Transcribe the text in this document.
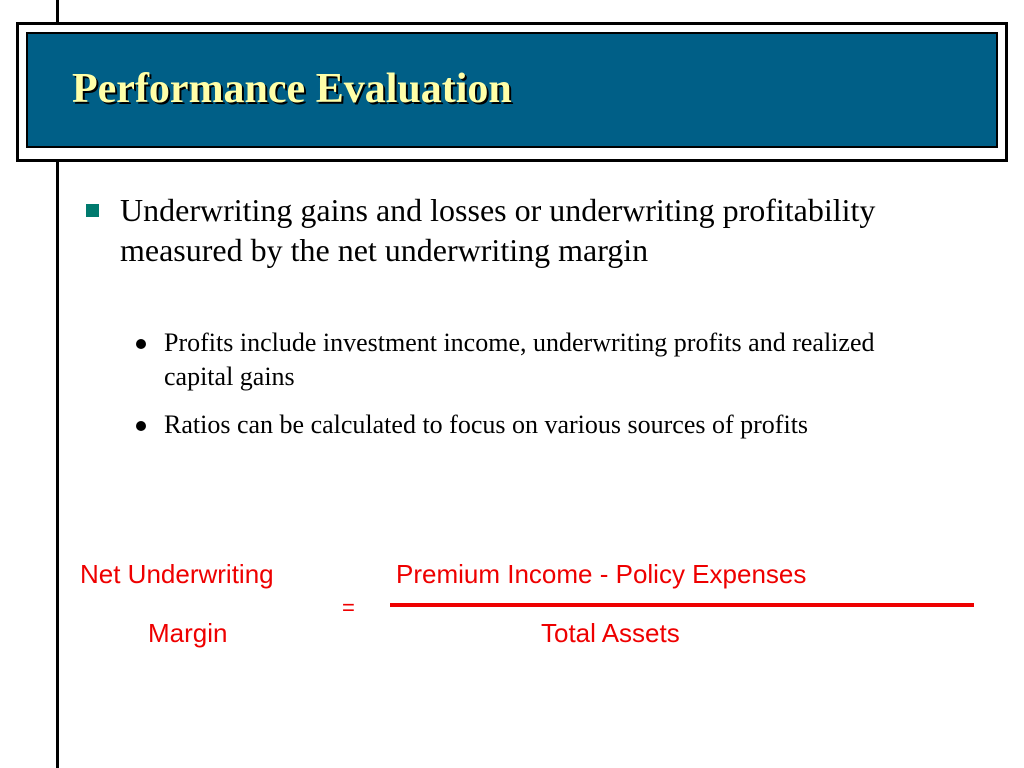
Performance Evaluation
Underwriting gains and losses or underwriting profitability measured by the net underwriting margin
Profits include investment income, underwriting profits and realized capital gains
Ratios can be calculated to focus on various sources of profits
Net Underwriting
Margin
=
Premium Income - Policy Expenses
Total Assets
